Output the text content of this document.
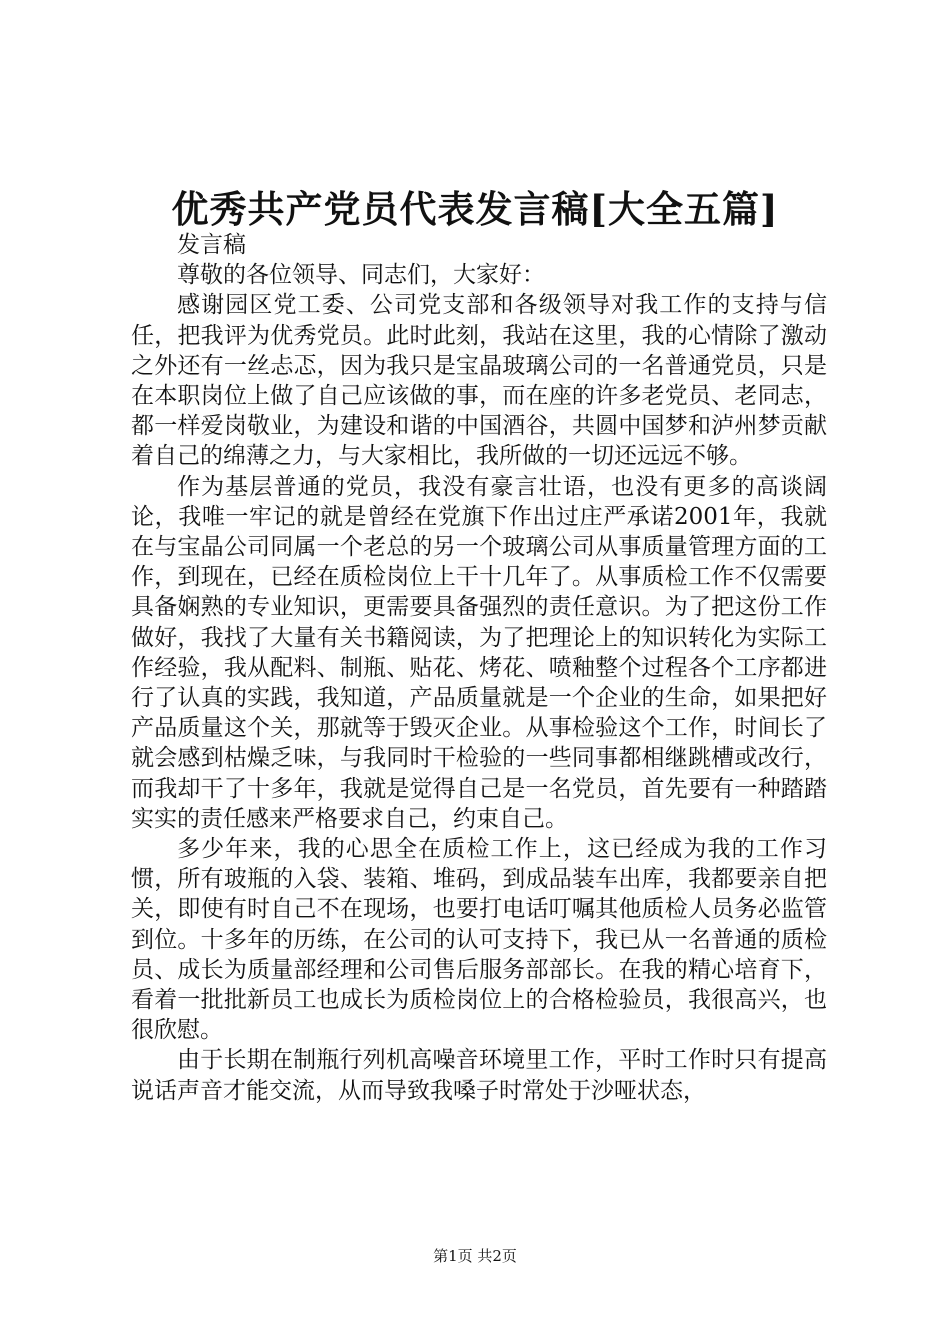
优秀共产党员代表发言稿[大全五篇]

发言稿

尊敬的各位领导、同志们，大家好：

感谢园区党工委、公司党支部和各级领导对我工作的支持与信任，把我评为优秀党员。此时此刻，我站在这里，我的心情除了激动之外还有一丝忐忑，因为我只是宝晶玻璃公司的一名普通党员，只是在本职岗位上做了自己应该做的事，而在座的许多老党员、老同志，都一样爱岗敬业，为建设和谐的中国酒谷，共圆中国梦和泸州梦贡献着自己的绵薄之力，与大家相比，我所做的一切还远远不够。

作为基层普通的党员，我没有豪言壮语，也没有更多的高谈阔论，我唯一牢记的就是曾经在党旗下作出过庄严承诺2001年，我就在与宝晶公司同属一个老总的另一个玻璃公司从事质量管理方面的工作，到现在，已经在质检岗位上干十几年了。从事质检工作不仅需要具备娴熟的专业知识，更需要具备强烈的责任意识。为了把这份工作做好，我找了大量有关书籍阅读，为了把理论上的知识转化为实际工作经验，我从配料、制瓶、贴花、烤花、喷釉整个过程各个工序都进行了认真的实践，我知道，产品质量就是一个企业的生命，如果把好产品质量这个关，那就等于毁灭企业。从事检验这个工作，时间长了就会感到枯燥乏味，与我同时干检验的一些同事都相继跳槽或改行，而我却干了十多年，我就是觉得自己是一名党员，首先要有一种踏踏实实的责任感来严格要求自己，约束自己。

多少年来，我的心思全在质检工作上，这已经成为我的工作习惯，所有玻瓶的入袋、装箱、堆码，到成品装车出库，我都要亲自把关，即使有时自己不在现场，也要打电话叮嘱其他质检人员务必监管到位。十多年的历练，在公司的认可支持下，我已从一名普通的质检员、成长为质量部经理和公司售后服务部部长。在我的精心培育下，看着一批批新员工也成长为质检岗位上的合格检验员，我很高兴，也很欣慰。

由于长期在制瓶行列机高噪音环境里工作，平时工作时只有提高说话声音才能交流，从而导致我嗓子时常处于沙哑状态，

第1页 共2页
